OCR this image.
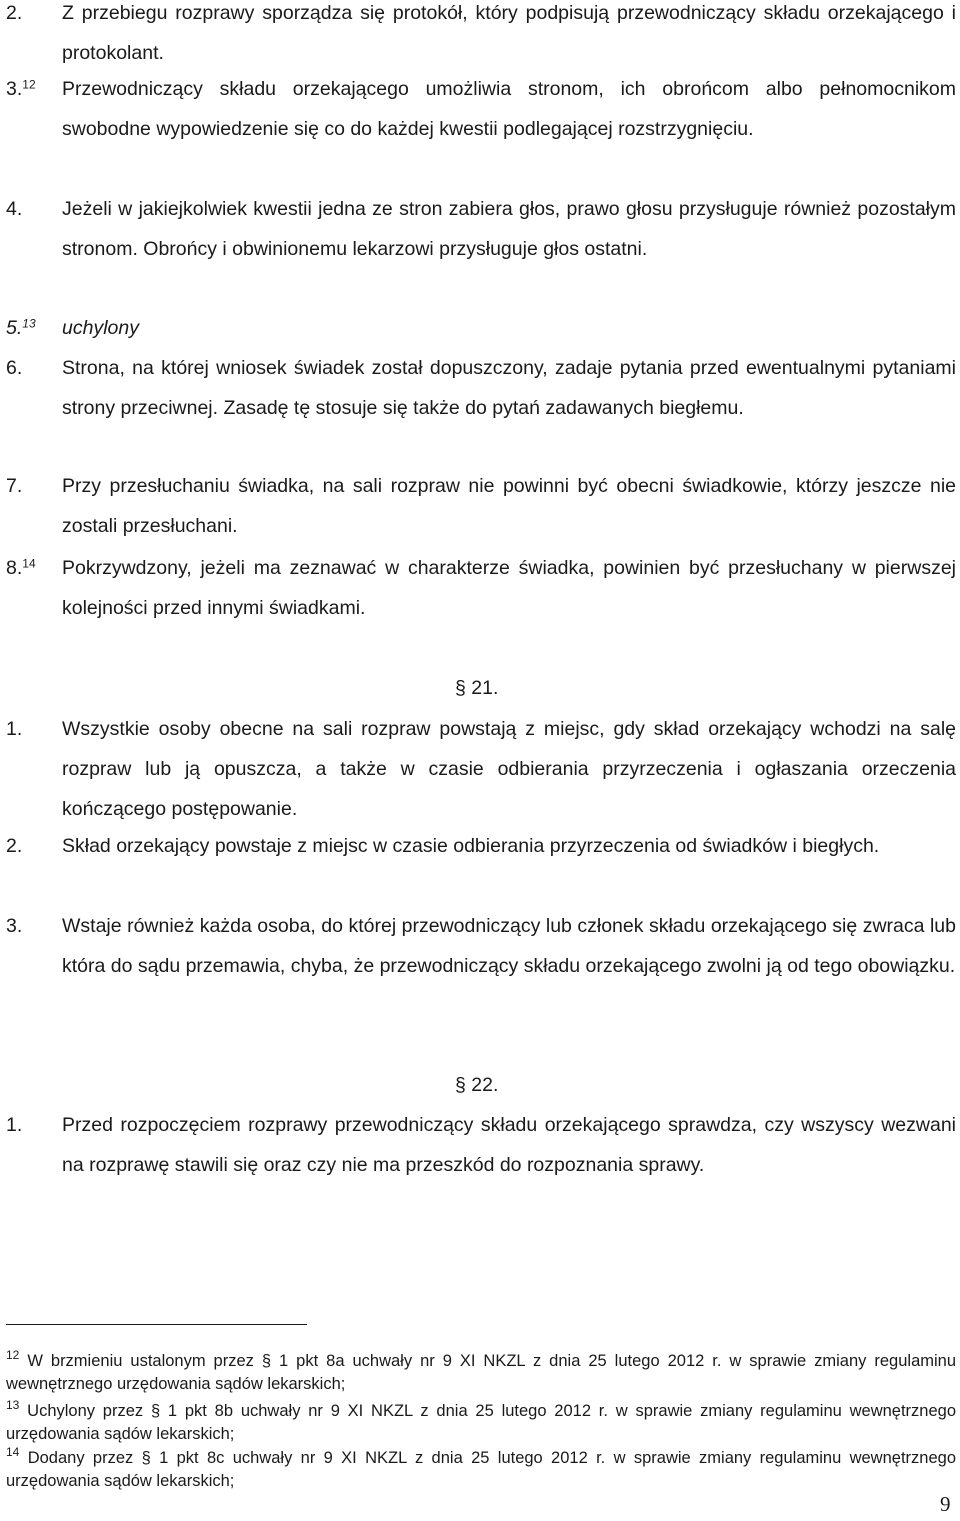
2. Z przebiegu rozprawy sporządza się protokół, który podpisują przewodniczący składu orzekającego i protokolant.
3.12 Przewodniczący składu orzekającego umożliwia stronom, ich obrońcom albo pełnomocnikom swobodne wypowiedzenie się co do każdej kwestii podlegającej rozstrzygnięciu.
4. Jeżeli w jakiejkolwiek kwestii jedna ze stron zabiera głos, prawo głosu przysługuje również pozostałym stronom. Obrońcy i obwinionemu lekarzowi przysługuje głos ostatni.
5.13 uchylony
6. Strona, na której wniosek świadek został dopuszczony, zadaje pytania przed ewentualnymi pytaniami strony przeciwnej. Zasadę tę stosuje się także do pytań zadawanych biegłemu.
7. Przy przesłuchaniu świadka, na sali rozpraw nie powinni być obecni świadkowie, którzy jeszcze nie zostali przesłuchani.
8.14 Pokrzywdzony, jeżeli ma zeznawać w charakterze świadka, powinien być przesłuchany w pierwszej kolejności przed innymi świadkami.
§ 21.
1. Wszystkie osoby obecne na sali rozpraw powstają z miejsc, gdy skład orzekający wchodzi na salę rozpraw lub ją opuszcza, a także w czasie odbierania przyrzeczenia i ogłaszania orzeczenia kończącego postępowanie.
2. Skład orzekający powstaje z miejsc w czasie odbierania przyrzeczenia od świadków i biegłych.
3. Wstaje również każda osoba, do której przewodniczący lub członek składu orzekającego się zwraca lub która do sądu przemawia, chyba, że przewodniczący składu orzekającego zwolni ją od tego obowiązku.
§ 22.
1. Przed rozpoczęciem rozprawy przewodniczący składu orzekającego sprawdza, czy wszyscy wezwani na rozprawę stawili się oraz czy nie ma przeszkód do rozpoznania sprawy.
$^{12}$ W brzmieniu ustalonym przez § 1 pkt 8a uchwały nr 9 XI NKZL z dnia 25 lutego 2012 r. w sprawie zmiany regulaminu wewnętrznego urzędowania sądów lekarskich;
$^{13}$ Uchylony przez § 1 pkt 8b uchwały nr 9 XI NKZL z dnia 25 lutego 2012 r. w sprawie zmiany regulaminu wewnętrznego urzędowania sądów lekarskich;
$^{14}$ Dodany przez § 1 pkt 8c uchwały nr 9 XI NKZL z dnia 25 lutego 2012 r. w sprawie zmiany regulaminu wewnętrznego urzędowania sądów lekarskich;
9
